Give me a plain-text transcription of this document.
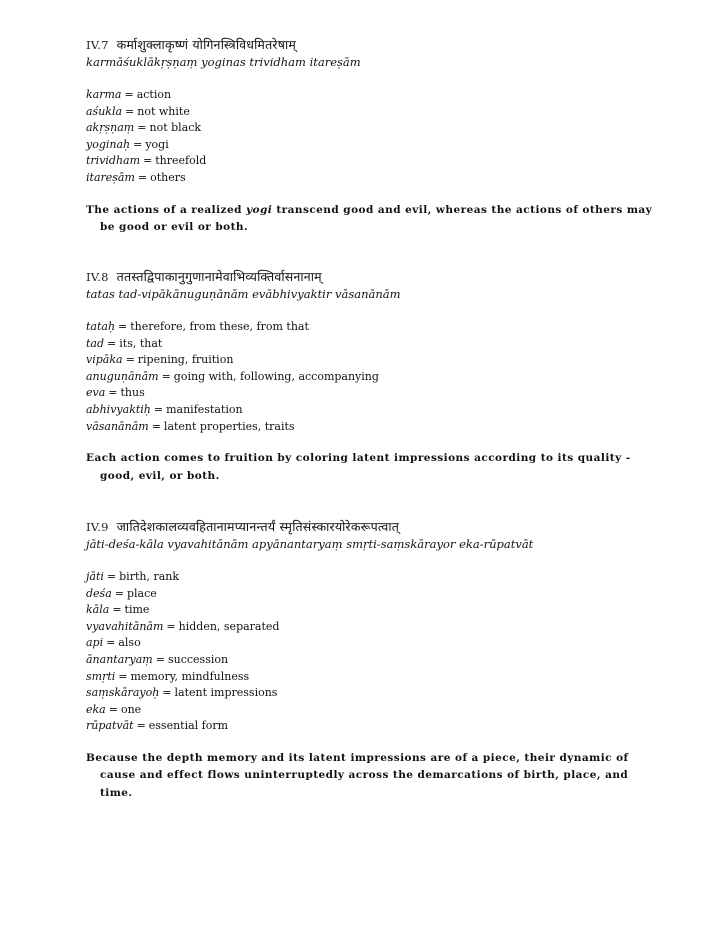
IV.7 कर्माशुक्लाकृष्णं योगिनस्त्रिविधमितरेषाम्
karmāśuklākṛṣṇaṃ yoginas trividham itareṣām
karma = action
aśukla = not white
akṛṣṇaṃ = not black
yoginaḥ = yogi
trividham = threefold
itareṣām = others
The actions of a realized yogi transcend good and evil, whereas the actions of others may be good or evil or both.
IV.8 ततस्तद्विपाकानुगुणानामेवाभिव्यक्तिर्वासनानाम्
tatas tad-vipākānuguṇānām evābhivyaktir vāsanānām
tataḥ = therefore, from these, from that
tad = its, that
vipāka = ripening, fruition
anuguṇānām = going with, following, accompanying
eva = thus
abhivyaktiḥ = manifestation
vāsanānām = latent properties, traits
Each action comes to fruition by coloring latent impressions according to its quality - good, evil, or both.
IV.9 जातिदेशकालव्यवहितानामप्यानन्तर्यं स्मृतिसंस्कारयोरेकरूपत्वात्
jāti-deśa-kāla vyavahitānām apyānantaryaṃ smṛti-saṃskārayor eka-rūpatvāt
jāti = birth, rank
deśa = place
kāla = time
vyavahitānām = hidden, separated
api = also
ānantaryaṃ = succession
smṛti = memory, mindfulness
saṃskārayoḥ = latent impressions
eka = one
rūpatvāt = essential form
Because the depth memory and its latent impressions are of a piece, their dynamic of cause and effect flows uninterruptedly across the demarcations of birth, place, and time.
